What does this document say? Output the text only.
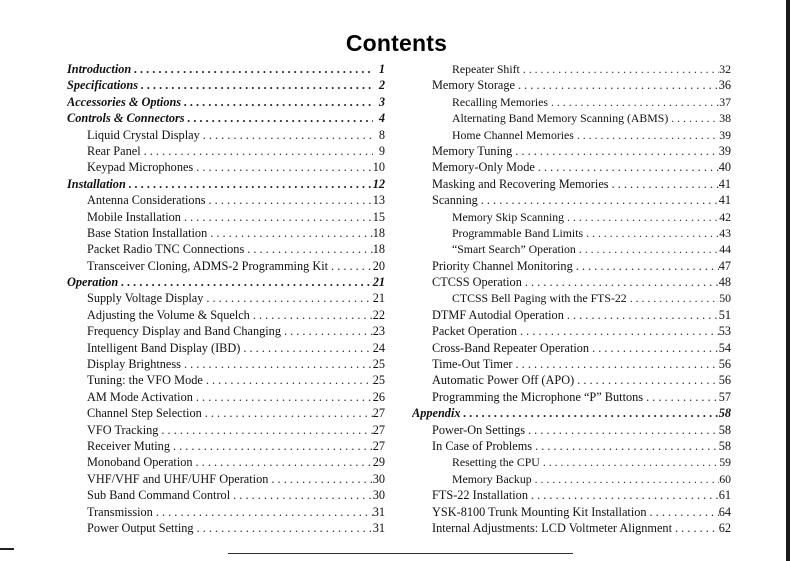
Contents
Introduction . . .	1
Specifications . . .	2
Accessories & Options . . .	3
Controls & Connectors . . .	4
Liquid Crystal Display . . .	8
Rear Panel . . .	9
Keypad Microphones . . .	10
Installation . . .	12
Antenna Considerations . . .	13
Mobile Installation . . .	15
Base Station Installation . . .	18
Packet Radio TNC Connections . . .	18
Transceiver Cloning, ADMS-2 Programming Kit . . .	20
Operation . . .	21
Supply Voltage Display . . .	21
Adjusting the Volume & Squelch . . .	22
Frequency Display and Band Changing . . .	23
Intelligent Band Display (IBD) . . .	24
Display Brightness . . .	25
Tuning: the VFO Mode . . .	25
AM Mode Activation . . .	26
Channel Step Selection . . .	27
VFO Tracking . . .	27
Receiver Muting . . .	27
Monoband Operation . . .	29
VHF/VHF and UHF/UHF Operation . . .	30
Sub Band Command Control . . .	30
Transmission . . .	31
Power Output Setting . . .	31
Repeater Shift . . .	32
Memory Storage . . .	36
Recalling Memories . . .	37
Alternating Band Memory Scanning (ABMS) . . .	38
Home Channel Memories . . .	39
Memory Tuning . . .	39
Memory-Only Mode . . .	40
Masking and Recovering Memories . . .	41
Scanning . . .	41
Memory Skip Scanning . . .	42
Programmable Band Limits . . .	43
“Smart Search” Operation . . .	44
Priority Channel Monitoring . . .	47
CTCSS Operation . . .	48
CTCSS Bell Paging with the FTS-22 . . .	50
DTMF Autodial Operation . . .	51
Packet Operation . . .	53
Cross-Band Repeater Operation . . .	54
Time-Out Timer . . .	56
Automatic Power Off (APO) . . .	56
Programming the Microphone “P” Buttons . . .	57
Appendix . . .	58
Power-On Settings . . .	58
In Case of Problems . . .	58
Resetting the CPU . . .	59
Memory Backup . . .	60
FTS-22 Installation . . .	61
YSK-8100 Trunk Mounting Kit Installation . . .	64
Internal Adjustments: LCD Voltmeter Alignment . . .	62
